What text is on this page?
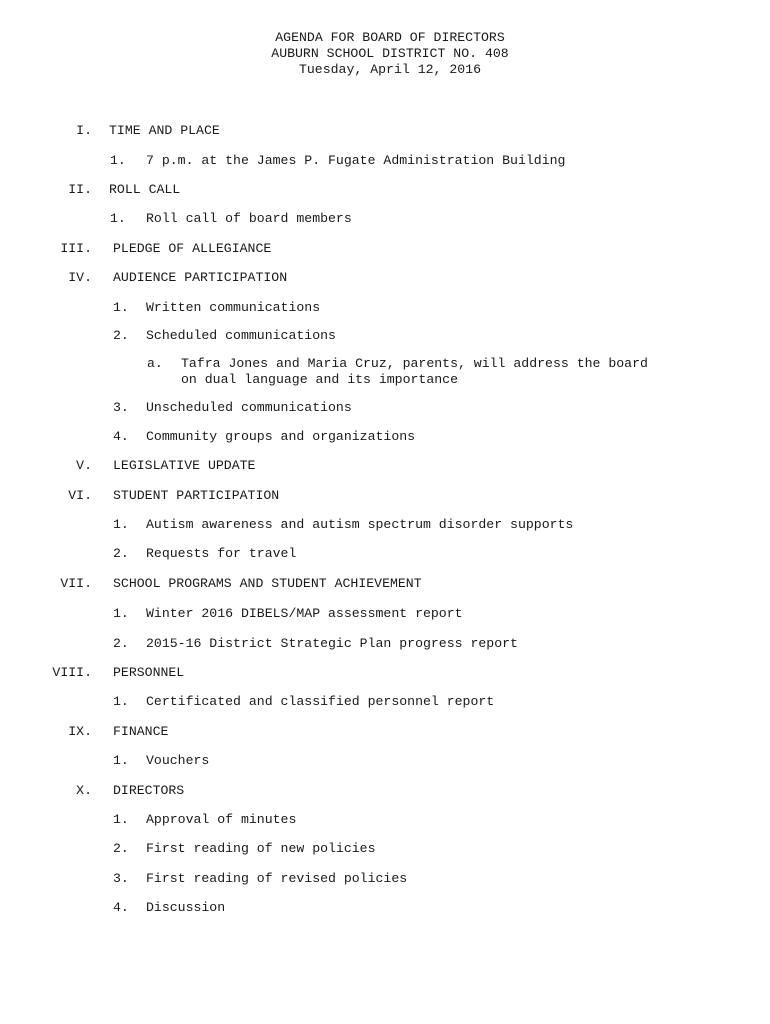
AGENDA FOR BOARD OF DIRECTORS
AUBURN SCHOOL DISTRICT NO. 408
Tuesday, April 12, 2016
I. TIME AND PLACE
1. 7 p.m. at the James P. Fugate Administration Building
II. ROLL CALL
1. Roll call of board members
III. PLEDGE OF ALLEGIANCE
IV. AUDIENCE PARTICIPATION
1. Written communications
2. Scheduled communications
a. Tafra Jones and Maria Cruz, parents, will address the board
on dual language and its importance
3. Unscheduled communications
4. Community groups and organizations
V. LEGISLATIVE UPDATE
VI. STUDENT PARTICIPATION
1. Autism awareness and autism spectrum disorder supports
2. Requests for travel
VII. SCHOOL PROGRAMS AND STUDENT ACHIEVEMENT
1. Winter 2016 DIBELS/MAP assessment report
2. 2015-16 District Strategic Plan progress report
VIII. PERSONNEL
1. Certificated and classified personnel report
IX. FINANCE
1. Vouchers
X. DIRECTORS
1. Approval of minutes
2. First reading of new policies
3. First reading of revised policies
4. Discussion
